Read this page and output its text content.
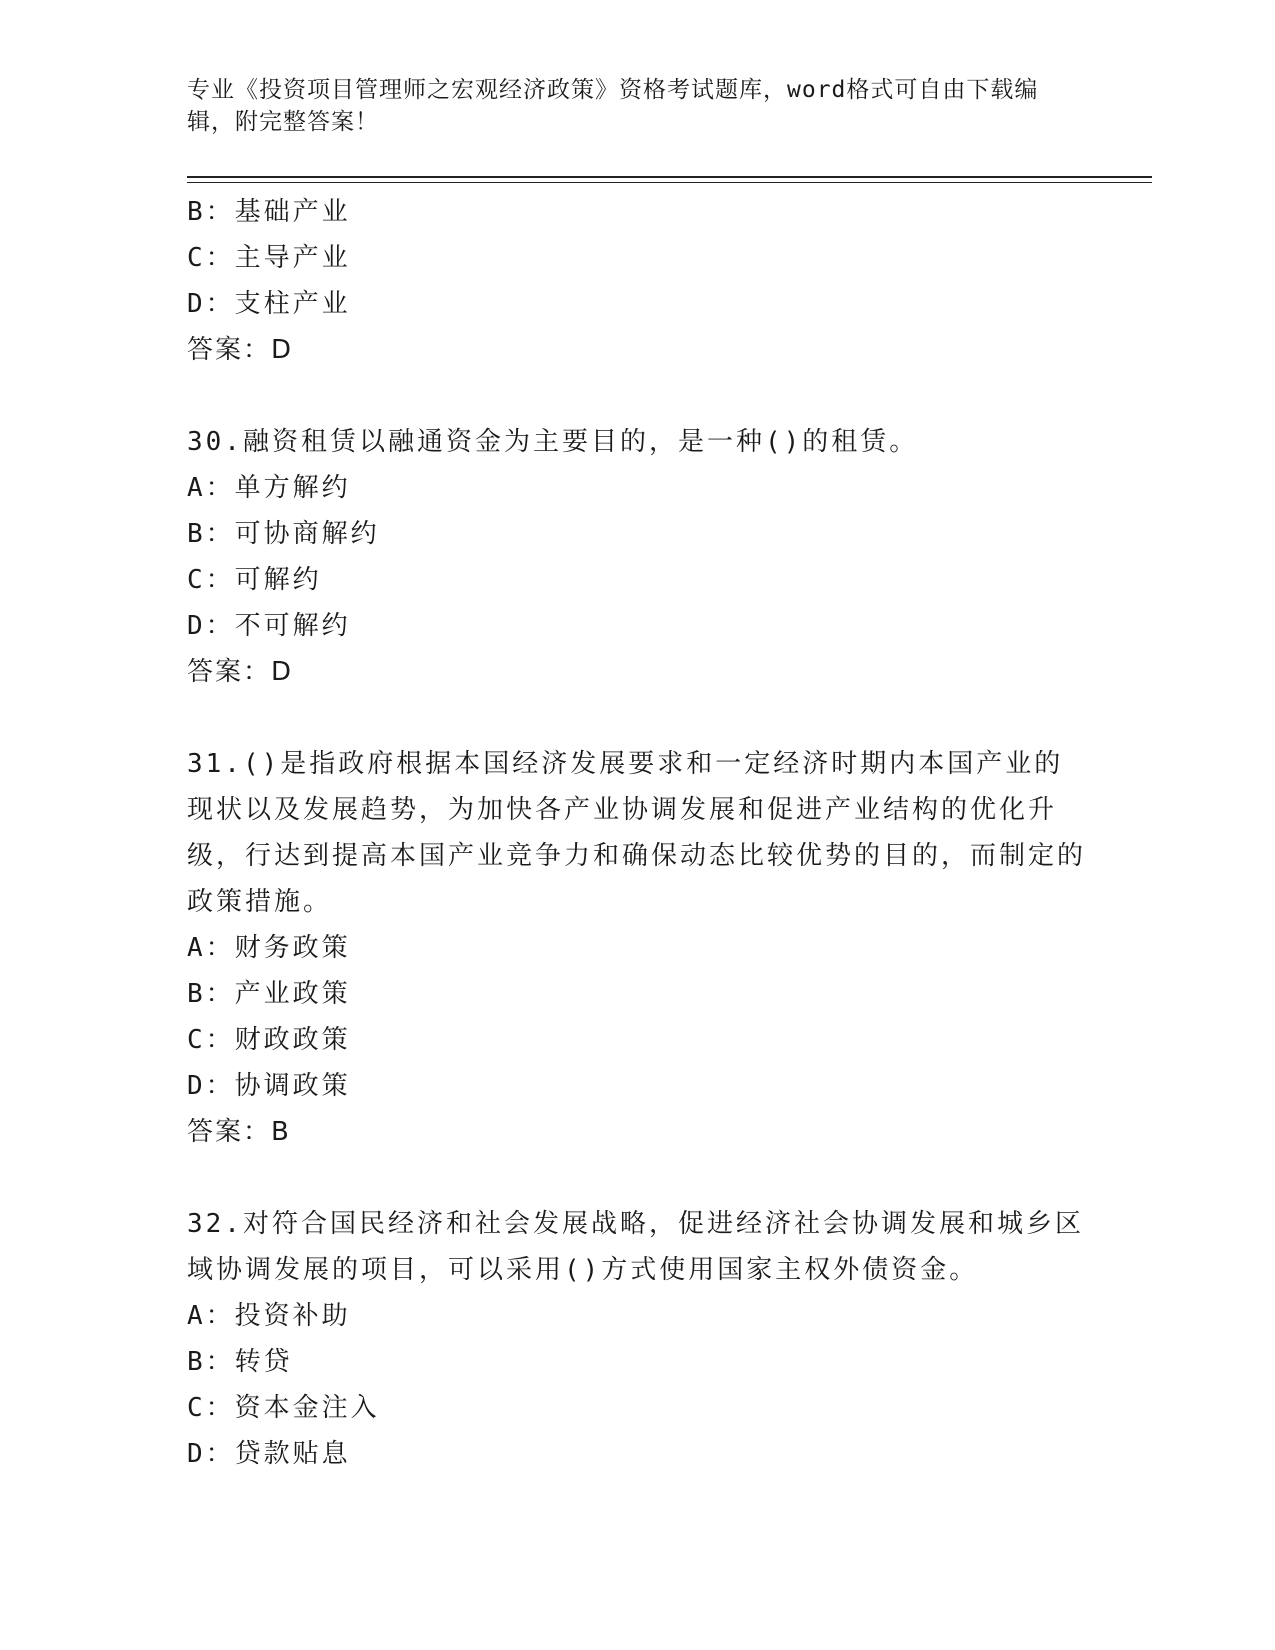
专业《投资项目管理师之宏观经济政策》资格考试题库，word格式可自由下载编辑，附完整答案！
B：基础产业
C：主导产业
D：支柱产业
答案：D
30.融资租赁以融通资金为主要目的，是一种()的租赁。
A：单方解约
B：可协商解约
C：可解约
D：不可解约
答案：D
31.()是指政府根据本国经济发展要求和一定经济时期内本国产业的现状以及发展趋势，为加快各产业协调发展和促进产业结构的优化升级，行达到提高本国产业竞争力和确保动态比较优势的目的，而制定的政策措施。
A：财务政策
B：产业政策
C：财政政策
D：协调政策
答案：B
32.对符合国民经济和社会发展战略，促进经济社会协调发展和城乡区域协调发展的项目，可以采用()方式使用国家主权外债资金。
A：投资补助
B：转贷
C：资本金注入
D：贷款贴息
